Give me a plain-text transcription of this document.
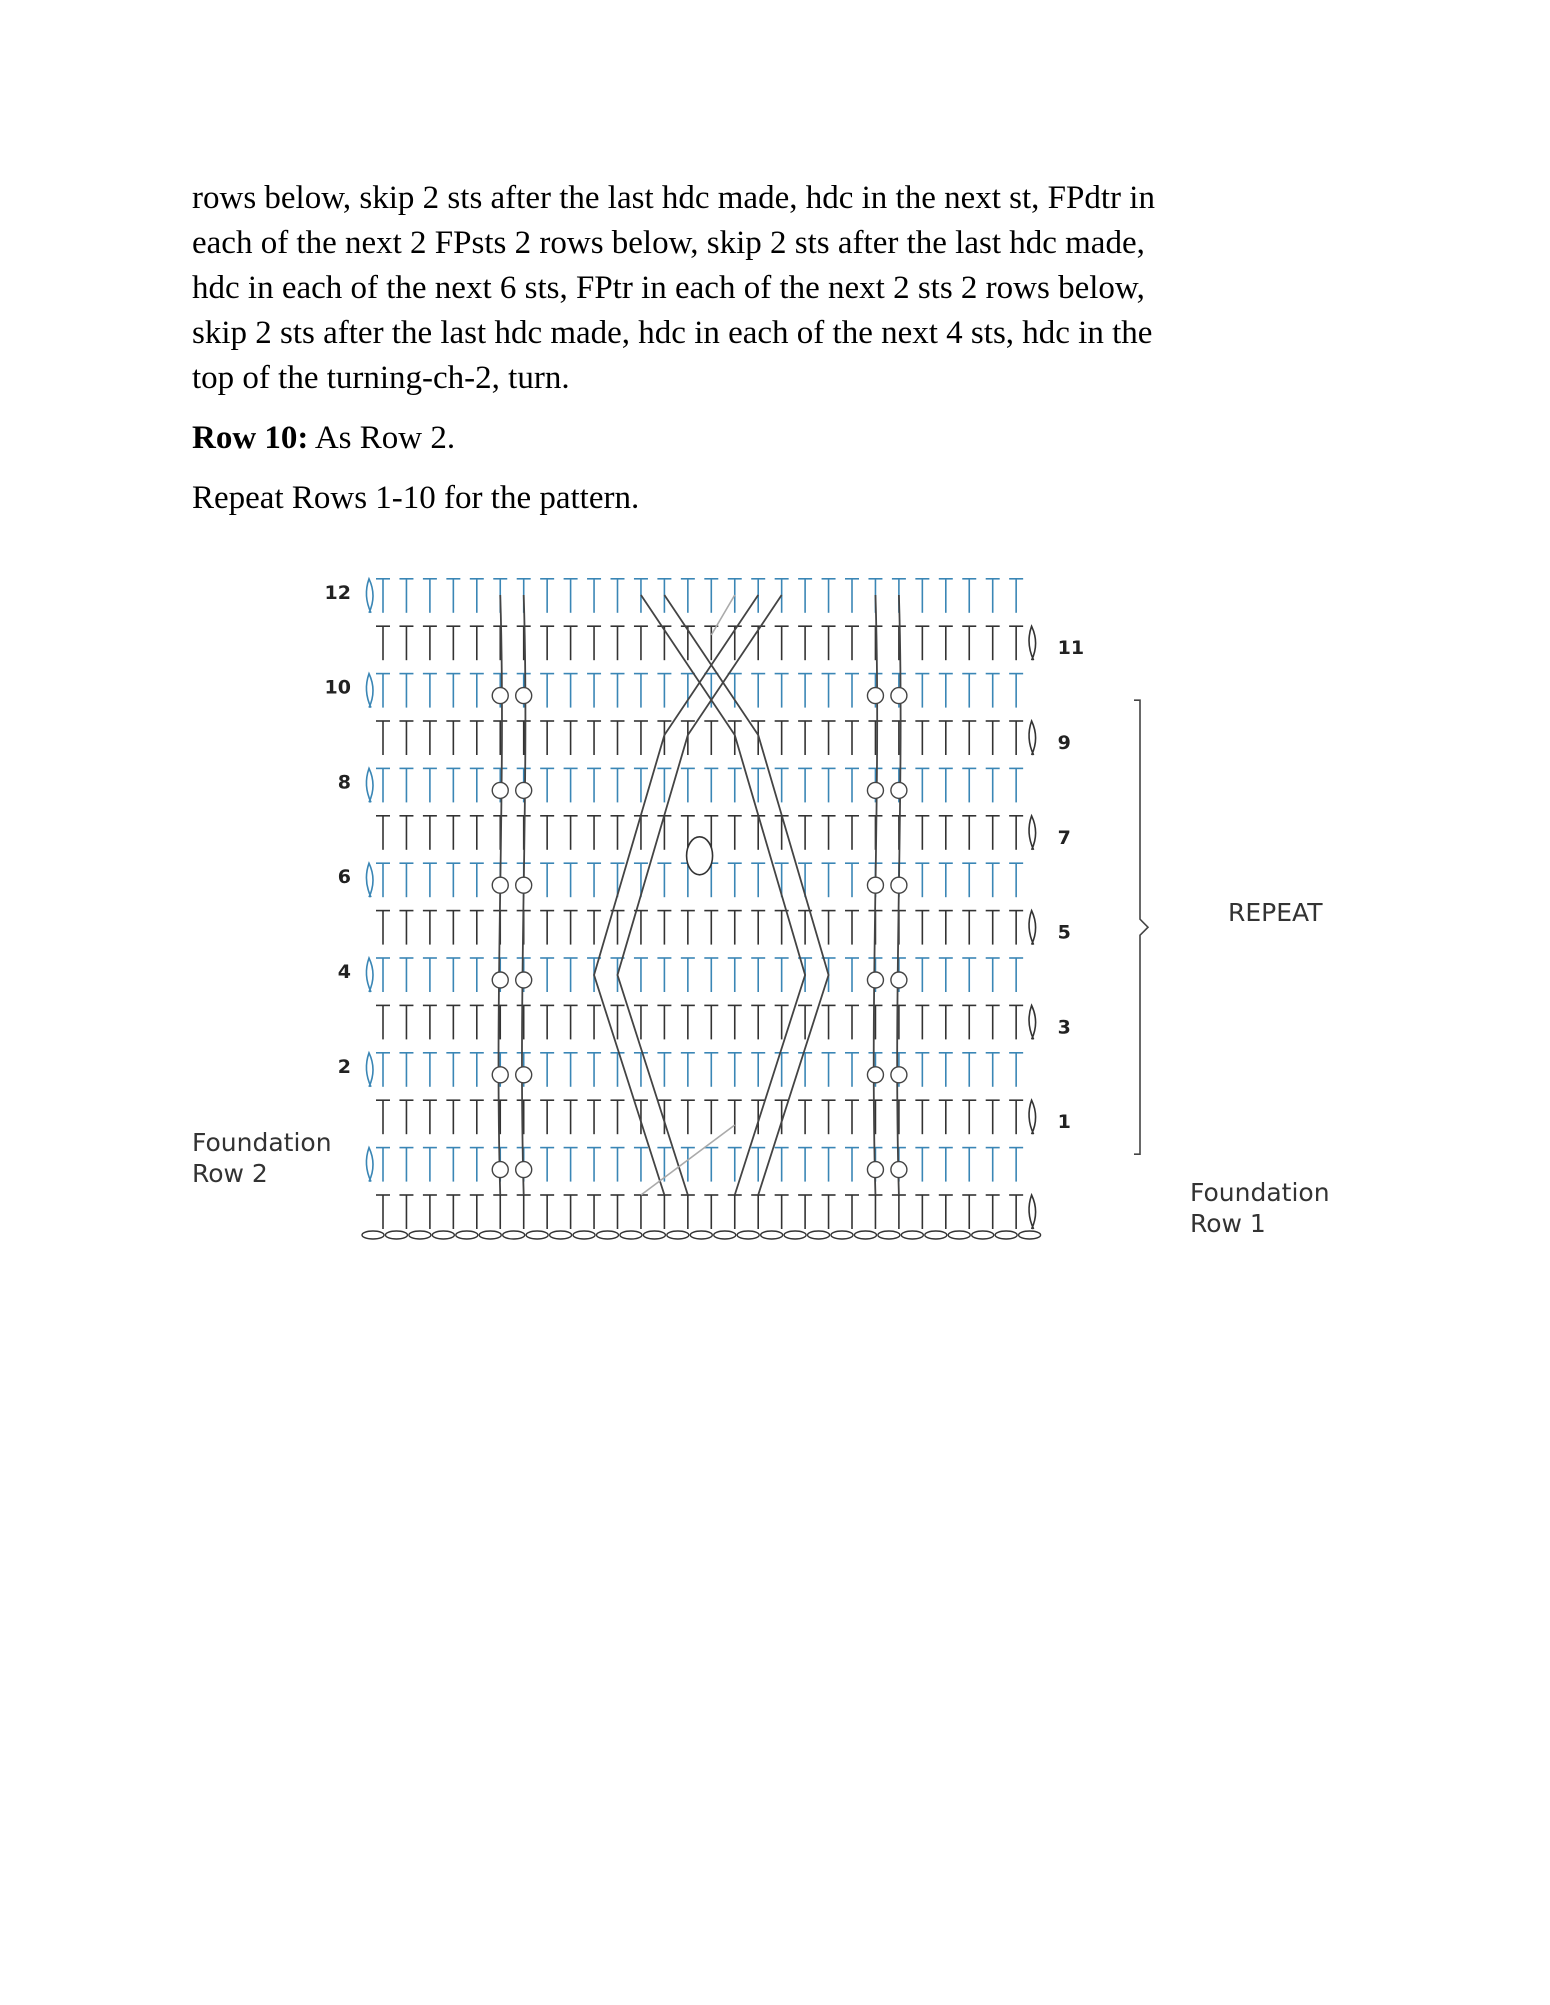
rows below, skip 2 sts after the last hdc made, hdc in the next st, FPdtr in
each of the next 2 FPsts 2 rows below, skip 2 sts after the last hdc made,
hdc in each of the next 6 sts, FPtr in each of the next 2 sts 2 rows below,
skip 2 sts after the last hdc made, hdc in each of the next 4 sts, hdc in the
top of the turning-ch-2, turn.
Row 10: As Row 2.
Repeat Rows 1-10 for the pattern.
Foundation
Row 2
Foundation
Row 1
REPEAT
12
10
8
6
4
2
11
9
7
5
3
1
